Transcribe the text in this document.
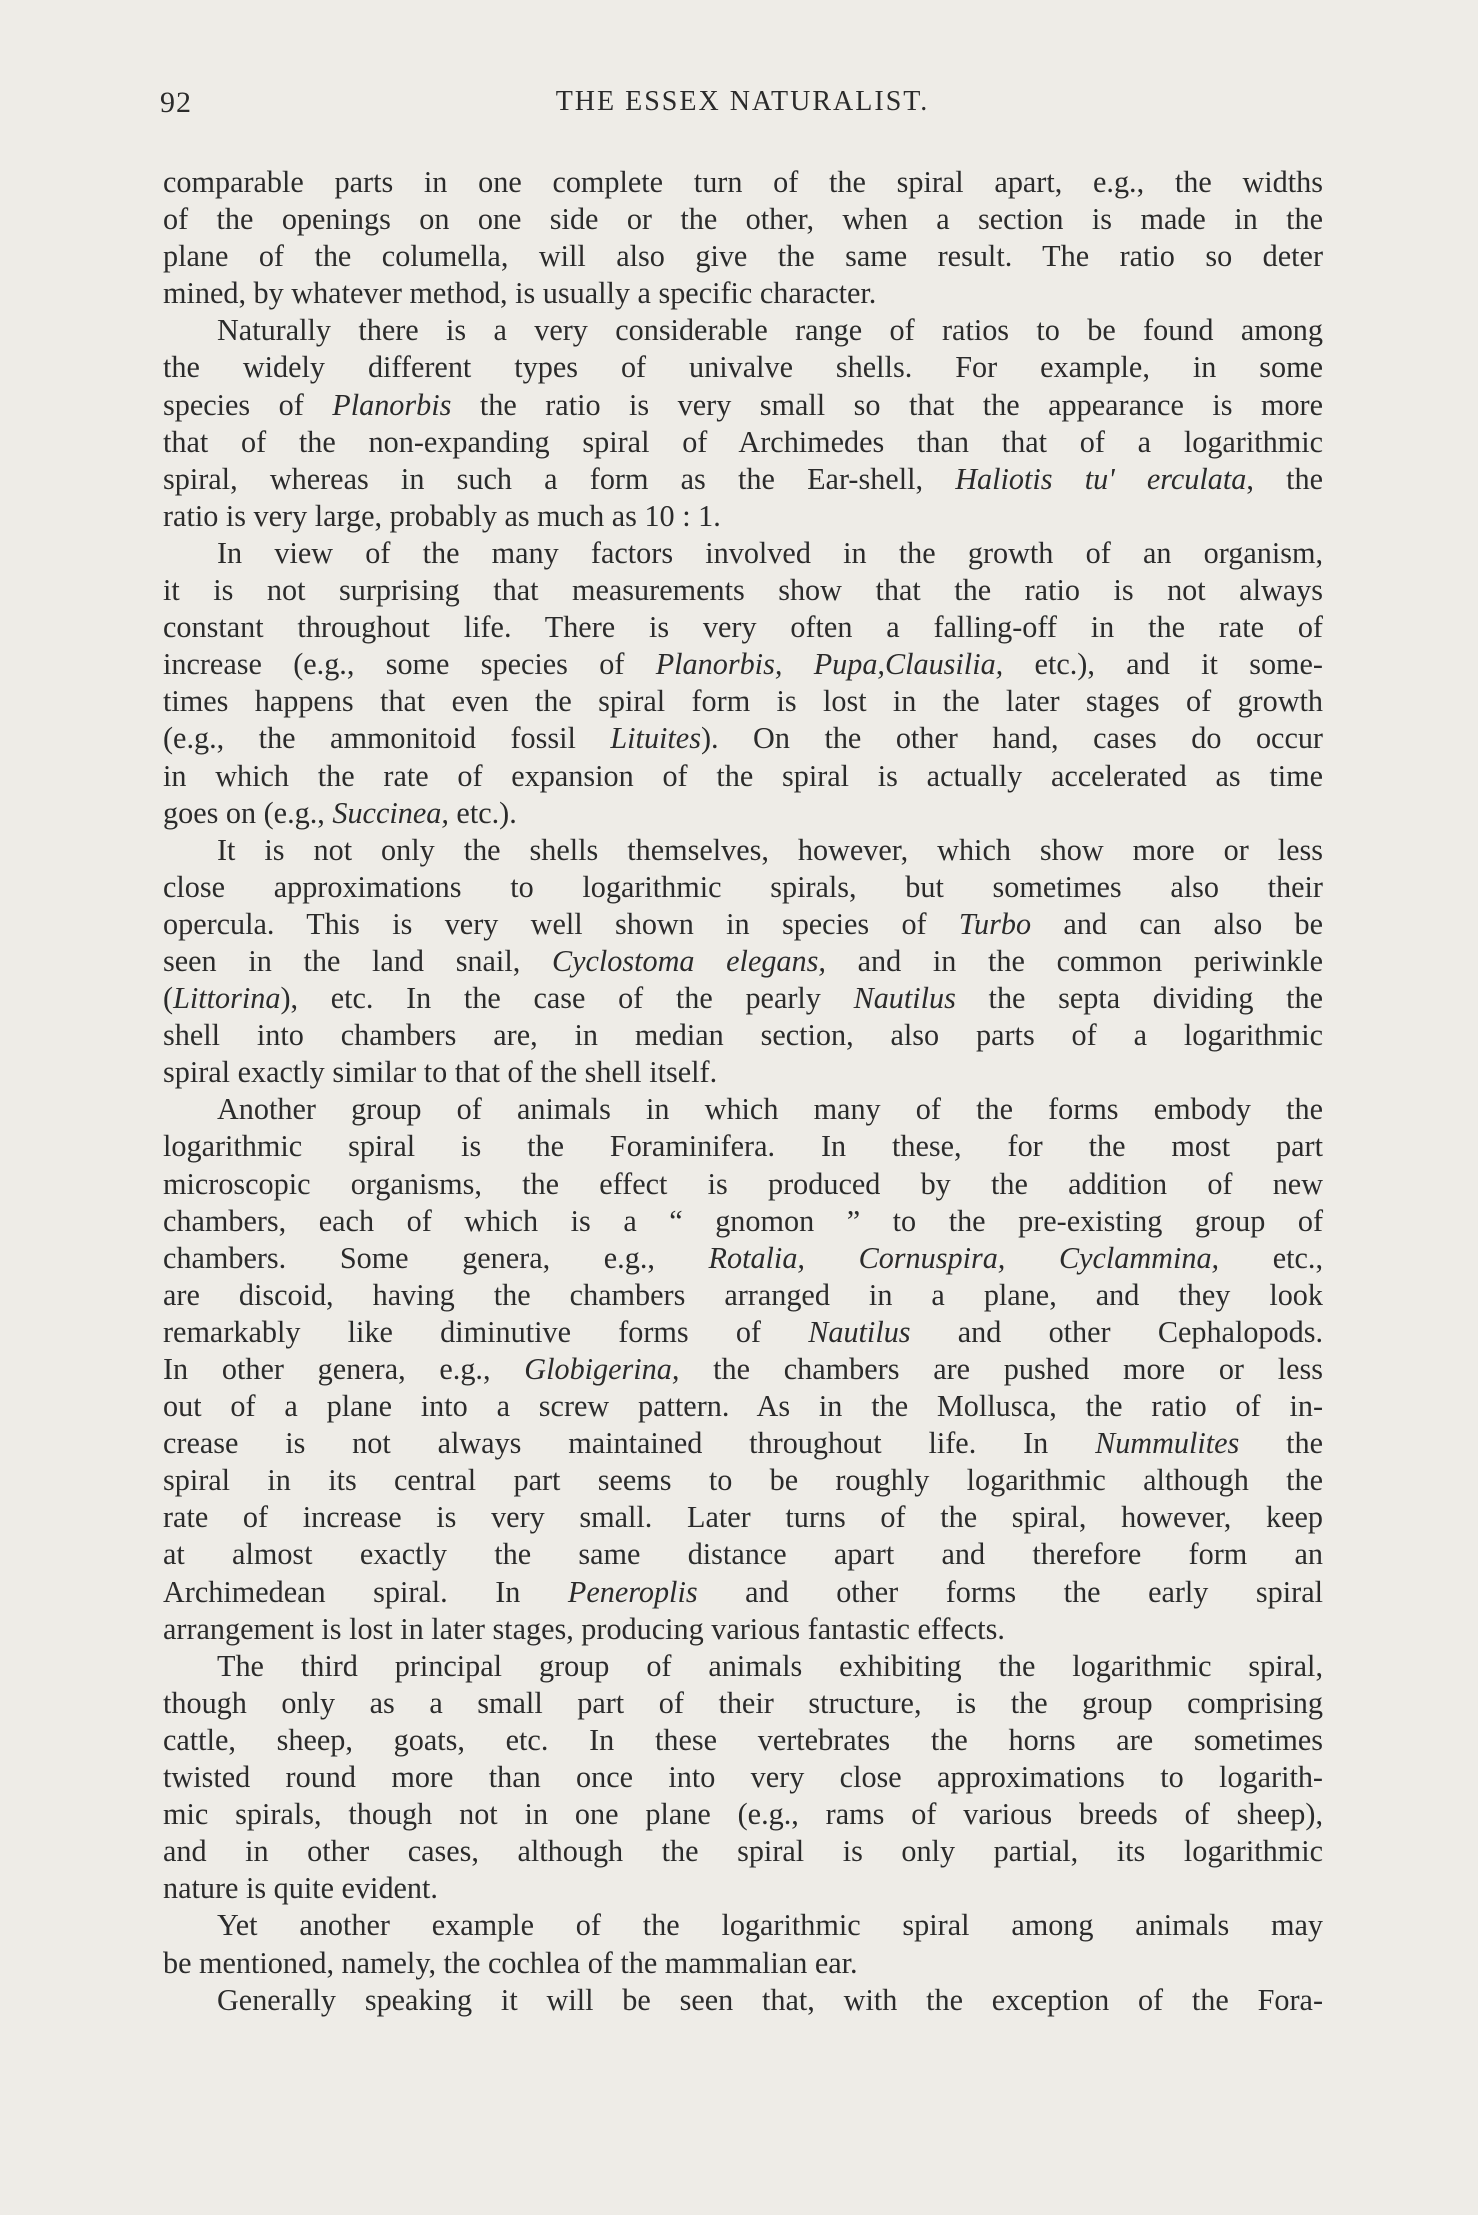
92	THE ESSEX NATURALIST.
comparable parts in one complete turn of the spiral apart, e.g., the widths
of the openings on one side or the other, when a section is made in the
plane of the columella, will also give the same result. The ratio so deter
mined, by whatever method, is usually a specific character.
Naturally there is a very considerable range of ratios to be found among
the widely different types of univalve shells. For example, in some
species of Planorbis the ratio is very small so that the appearance is more
that of the non-expanding spiral of Archimedes than that of a logarithmic
spiral, whereas in such a form as the Ear-shell, Haliotis tu' erculata, the
ratio is very large, probably as much as 10 : 1.
In view of the many factors involved in the growth of an organism,
it is not surprising that measurements show that the ratio is not always
constant throughout life. There is very often a falling-off in the rate of
increase (e.g., some species of Planorbis, Pupa,Clausilia, etc.), and it some-
times happens that even the spiral form is lost in the later stages of growth
(e.g., the ammonitoid fossil Lituites). On the other hand, cases do occur
in which the rate of expansion of the spiral is actually accelerated as time
goes on (e.g., Succinea, etc.).
It is not only the shells themselves, however, which show more or less
close approximations to logarithmic spirals, but sometimes also their
opercula. This is very well shown in species of Turbo and can also be
seen in the land snail, Cyclostoma elegans, and in the common periwinkle
(Littorina), etc. In the case of the pearly Nautilus the septa dividing the
shell into chambers are, in median section, also parts of a logarithmic
spiral exactly similar to that of the shell itself.
Another group of animals in which many of the forms embody the
logarithmic spiral is the Foraminifera. In these, for the most part
microscopic organisms, the effect is produced by the addition of new
chambers, each of which is a “ gnomon ” to the pre-existing group of
chambers. Some genera, e.g., Rotalia, Cornuspira, Cyclammina, etc.,
are discoid, having the chambers arranged in a plane, and they look
remarkably like diminutive forms of Nautilus and other Cephalopods.
In other genera, e.g., Globigerina, the chambers are pushed more or less
out of a plane into a screw pattern. As in the Mollusca, the ratio of in-
crease is not always maintained throughout life. In Nummulites the
spiral in its central part seems to be roughly logarithmic although the
rate of increase is very small. Later turns of the spiral, however, keep
at almost exactly the same distance apart and therefore form an
Archimedean spiral. In Peneroplis and other forms the early spiral
arrangement is lost in later stages, producing various fantastic effects.
The third principal group of animals exhibiting the logarithmic spiral,
though only as a small part of their structure, is the group comprising
cattle, sheep, goats, etc. In these vertebrates the horns are sometimes
twisted round more than once into very close approximations to logarith-
mic spirals, though not in one plane (e.g., rams of various breeds of sheep),
and in other cases, although the spiral is only partial, its logarithmic
nature is quite evident.
Yet another example of the logarithmic spiral among animals may
be mentioned, namely, the cochlea of the mammalian ear.
Generally speaking it will be seen that, with the exception of the Fora-
